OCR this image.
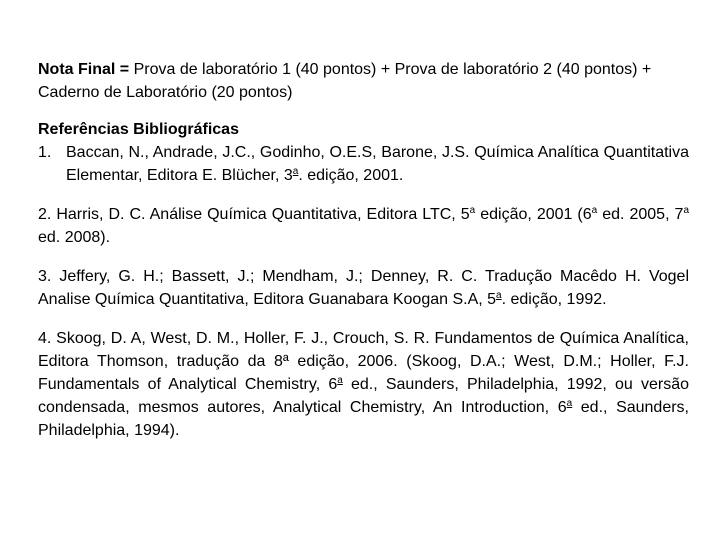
Nota Final = Prova de laboratório 1 (40 pontos) + Prova de laboratório 2 (40 pontos) + Caderno de Laboratório (20 pontos)

Referências Bibliográficas
1. Baccan, N., Andrade, J.C., Godinho, O.E.S, Barone, J.S. Química Analítica Quantitativa Elementar, Editora E. Blücher, 3$^a$. edição, 2001.

2. Harris, D. C. Análise Química Quantitativa, Editora LTC, 5$^a$ edição, 2001 (6$^a$ ed. 2005, 7$^a$ ed. 2008).

3. Jeffery, G. H.; Bassett, J.; Mendham, J.; Denney, R. C. Tradução Macêdo H. Vogel Analise Química Quantitativa, Editora Guanabara Koogan S.A, 5$^a$. edição, 1992.

4. Skoog, D. A, West, D. M., Holler, F. J., Crouch, S. R. Fundamentos de Química Analítica, Editora Thomson, tradução da 8ª edição, 2006. (Skoog, D.A.; West, D.M.; Holler, F.J. Fundamentals of Analytical Chemistry, 6$^a$ ed., Saunders, Philadelphia, 1992, ou versão condensada, mesmos autores, Analytical Chemistry, An Introduction, 6$^a$ ed., Saunders, Philadelphia, 1994).
